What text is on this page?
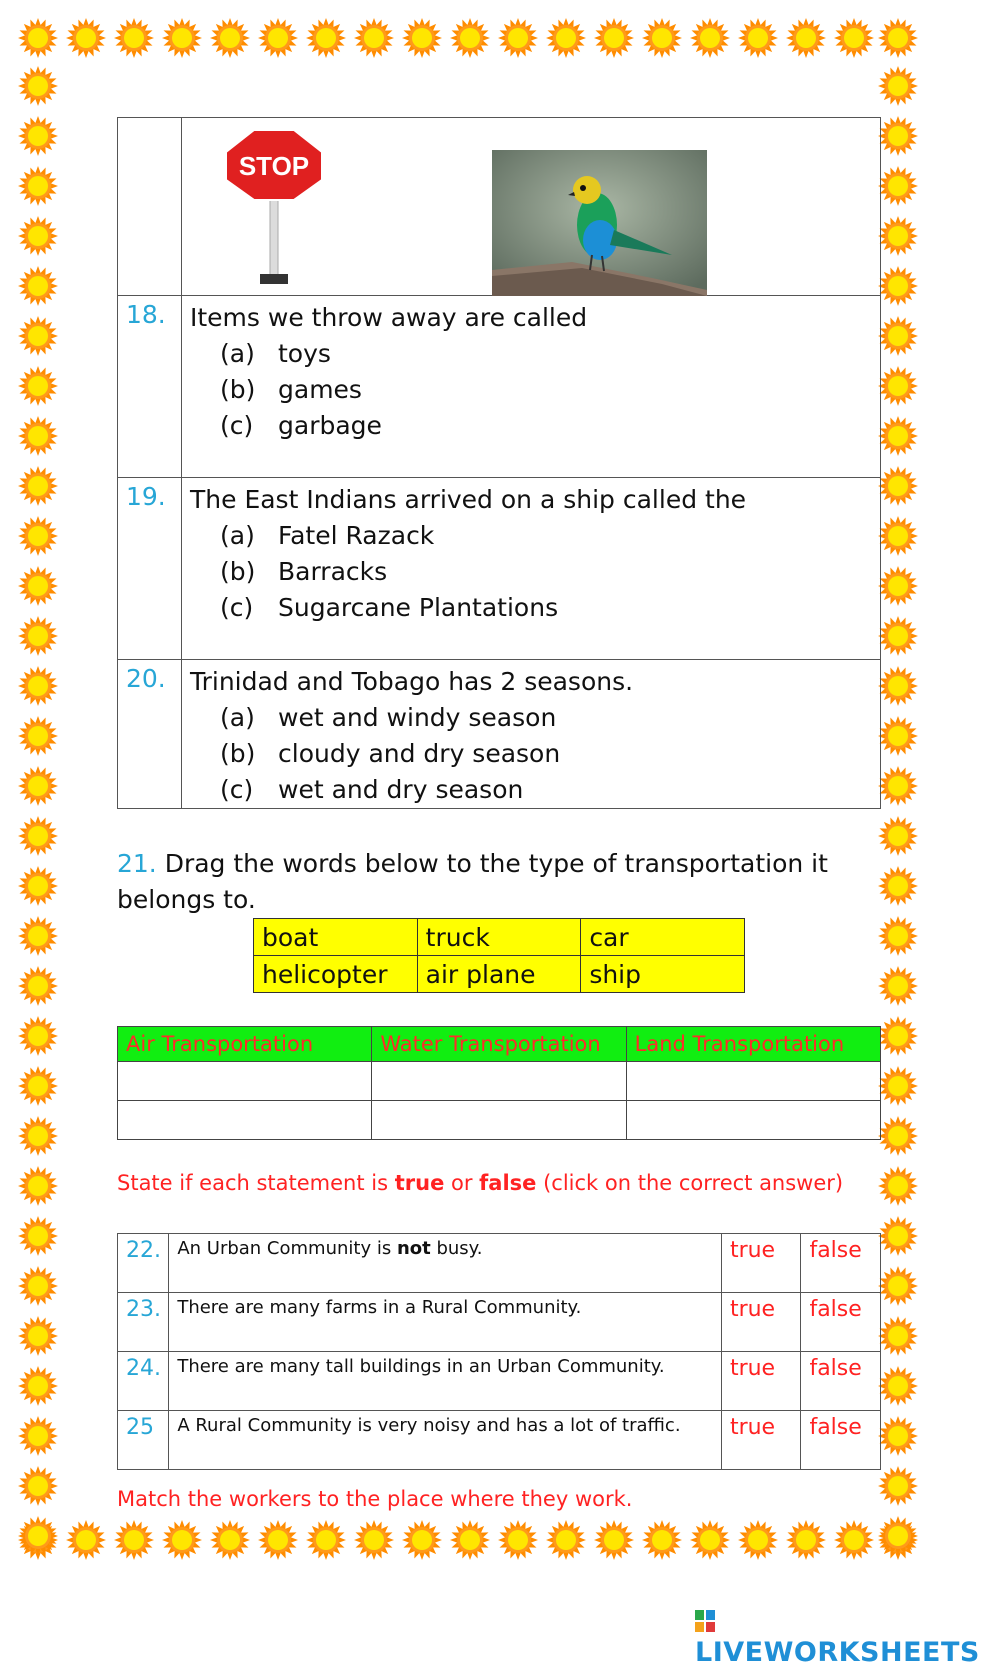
STOP

18.	Items we throw away are called
(a) toys
(b) games
(c) garbage

19.	The East Indians arrived on a ship called the
(a) Fatel Razack
(b) Barracks
(c) Sugarcane Plantations

20.	Trinidad and Tobago has 2 seasons.
(a) wet and windy season
(b) cloudy and dry season
(c) wet and dry season
21. Drag the words below to the type of transportation it belongs to.
boat	truck	car
helicopter	air plane	ship
Air Transportation	Water Transportation	Land Transportation

State if each statement is true or false (click on the correct answer)
22.	An Urban Community is not busy.	true	false
23.	There are many farms in a Rural Community.	true	false
24.	There are many tall buildings in an Urban Community.	true	false
25	A Rural Community is very noisy and has a lot of traffic.	true	false
Match the workers to the place where they work.
LIVEWORKSHEETS
